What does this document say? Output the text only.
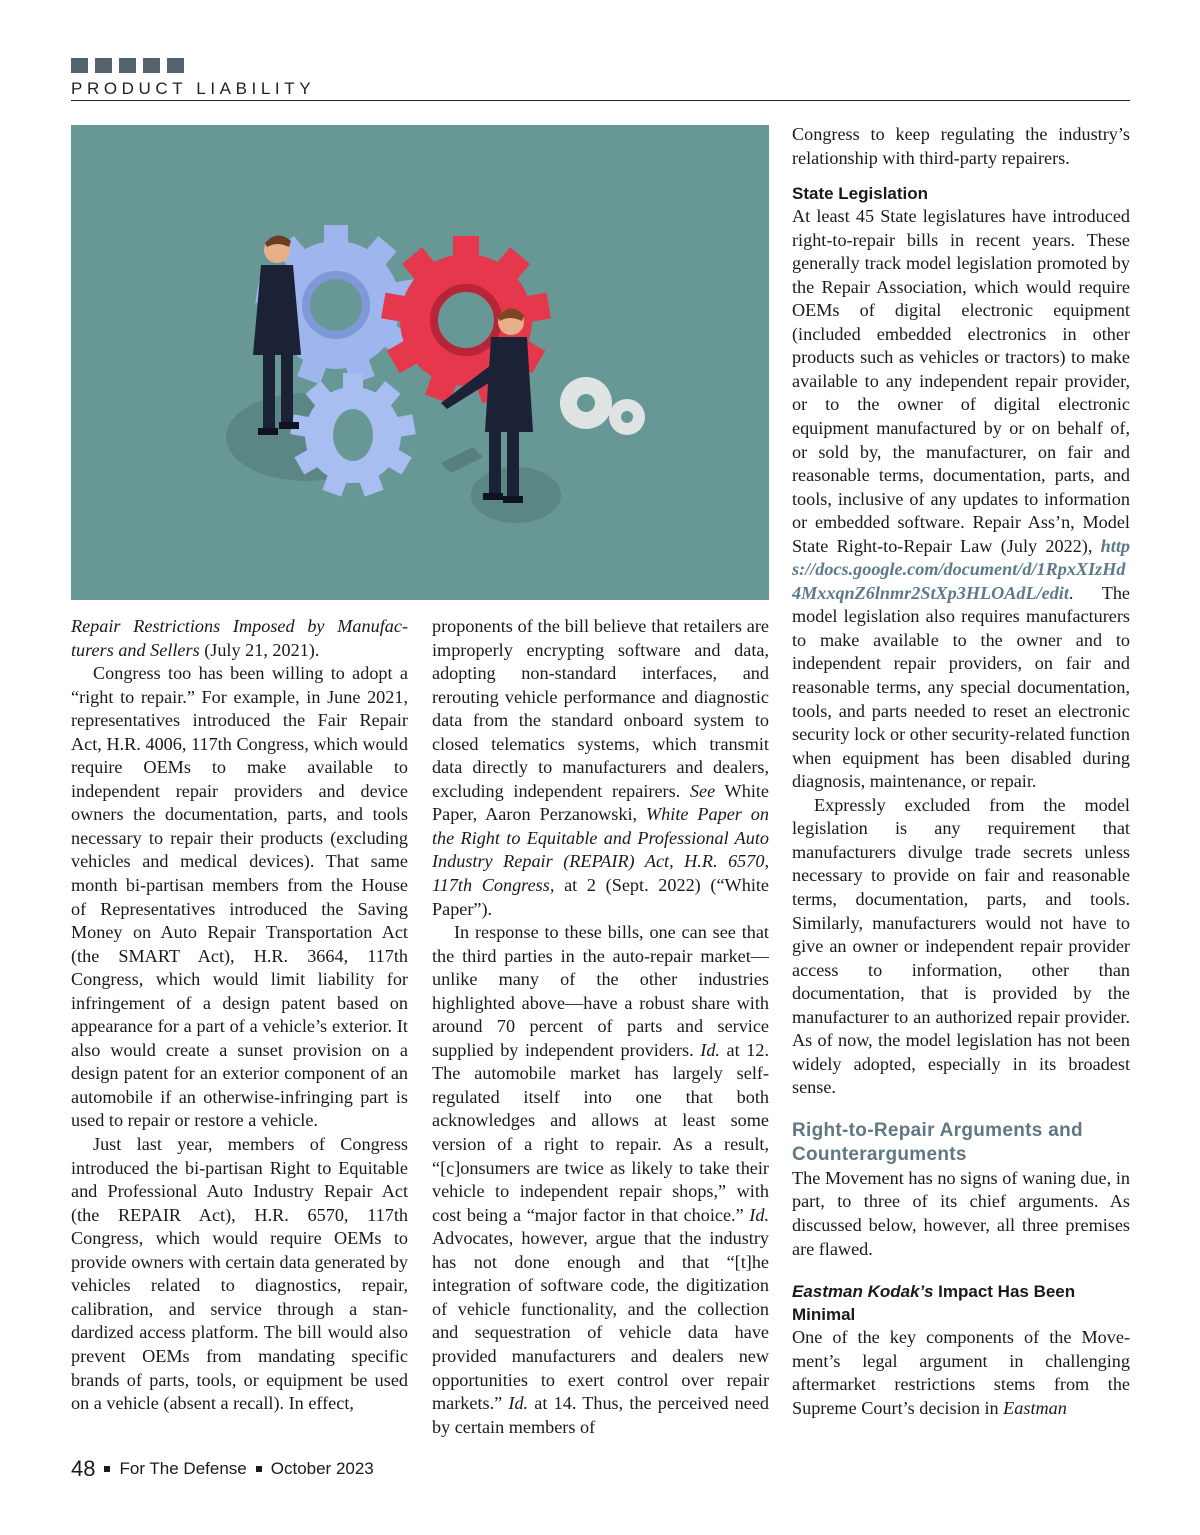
PRODUCT LIABILITY

Repair Restrictions Imposed by Manufacturers and Sellers (July 21, 2021).

Congress too has been willing to adopt a “right to repair.” For example, in June 2021, representatives introduced the Fair Repair Act, H.R. 4006, 117th Congress, which would require OEMs to make available to independent repair providers and device owners the documentation, parts, and tools necessary to repair their products (excluding vehicles and medical devices). That same month bi-partisan members from the House of Representatives introduced the Saving Money on Auto Repair Transportation Act (the SMART Act), H.R. 3664, 117th Congress, which would limit liability for infringement of a design patent based on appearance for a part of a vehicle’s exterior. It also would create a sunset provision on a design patent for an exterior component of an automobile if an otherwise-infringing part is used to repair or restore a vehicle.

Just last year, members of Congress introduced the bi-partisan Right to Equitable and Professional Auto Industry Repair Act (the REPAIR Act), H.R. 6570, 117th Congress, which would require OEMs to provide owners with certain data generated by vehicles related to diagnostics, repair, calibration, and service through a standardized access platform. The bill would also prevent OEMs from mandating specific brands of parts, tools, or equipment be used on a vehicle (absent a recall). In effect,

proponents of the bill believe that retailers are improperly encrypting software and data, adopting non-standard interfaces, and rerouting vehicle performance and diagnostic data from the standard onboard system to closed telematics systems, which transmit data directly to manufacturers and dealers, excluding independent repairers. See White Paper, Aaron Perzanowski, White Paper on the Right to Equitable and Professional Auto Industry Repair (REPAIR) Act, H.R. 6570, 117th Congress, at 2 (Sept. 2022) (“White Paper”).

In response to these bills, one can see that the third parties in the auto-repair market—unlike many of the other industries highlighted above—have a robust share with around 70 percent of parts and service supplied by independent providers. Id. at 12. The automobile market has largely self-regulated itself into one that both acknowledges and allows at least some version of a right to repair. As a result, “[c]onsumers are twice as likely to take their vehicle to independent repair shops,” with cost being a “major factor in that choice.” Id. Advocates, however, argue that the industry has not done enough and that “[t]he integration of software code, the digitization of vehicle functionality, and the collection and sequestration of vehicle data have provided manufacturers and dealers new opportunities to exert control over repair markets.” Id. at 14. Thus, the perceived need by certain members of

Congress to keep regulating the industry’s relationship with third-party repairers.

State Legislation

At least 45 State legislatures have introduced right-to-repair bills in recent years. These generally track model legislation promoted by the Repair Association, which would require OEMs of digital electronic equipment (included embedded electronics in other products such as vehicles or tractors) to make available to any independent repair provider, or to the owner of digital electronic equipment manufactured by or on behalf of, or sold by, the manufacturer, on fair and reasonable terms, documentation, parts, and tools, inclusive of any updates to information or embedded software. Repair Ass’n, Model State Right-to-Repair Law (July 2022), https://docs.google.com/document/d/1RpxXIzHd4MxxqnZ6lnmr2StXp3HLOAdL/edit. The model legislation also requires manufacturers to make available to the owner and to independent repair providers, on fair and reasonable terms, any special documentation, tools, and parts needed to reset an electronic security lock or other security-related function when equipment has been disabled during diagnosis, maintenance, or repair.

Expressly excluded from the model legislation is any requirement that manufacturers divulge trade secrets unless necessary to provide on fair and reasonable terms, documentation, parts, and tools. Similarly, manufacturers would not have to give an owner or independent repair provider access to information, other than documentation, that is provided by the manufacturer to an authorized repair provider. As of now, the model legislation has not been widely adopted, especially in its broadest sense.

Right-to-Repair Arguments and Counterarguments

The Movement has no signs of waning due, in part, to three of its chief arguments. As discussed below, however, all three premises are flawed.

Eastman Kodak’s Impact Has Been Minimal

One of the key components of the Movement’s legal argument in challenging aftermarket restrictions stems from the Supreme Court’s decision in Eastman

48 For The Defense October 2023
